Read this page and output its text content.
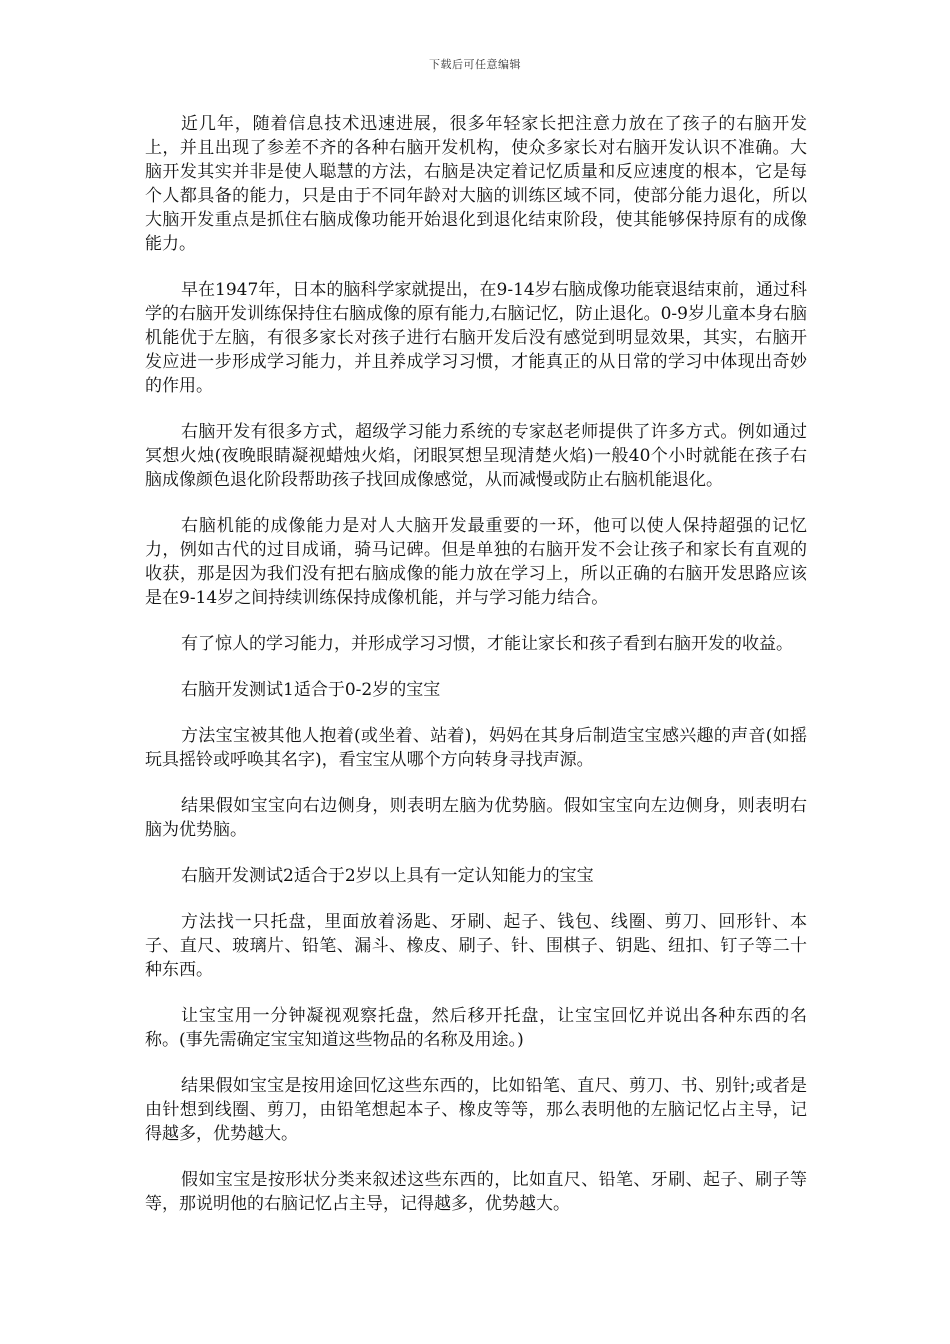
下载后可任意编辑

近几年，随着信息技术迅速进展，很多年轻家长把注意力放在了孩子的右脑开发上，并且出现了参差不齐的各种右脑开发机构，使众多家长对右脑开发认识不准确。大脑开发其实并非是使人聪慧的方法，右脑是决定着记忆质量和反应速度的根本，它是每个人都具备的能力，只是由于不同年龄对大脑的训练区域不同，使部分能力退化，所以大脑开发重点是抓住右脑成像功能开始退化到退化结束阶段，使其能够保持原有的成像能力。

早在1947年，日本的脑科学家就提出，在9-14岁右脑成像功能衰退结束前，通过科学的右脑开发训练保持住右脑成像的原有能力,右脑记忆，防止退化。0-9岁儿童本身右脑机能优于左脑，有很多家长对孩子进行右脑开发后没有感觉到明显效果，其实，右脑开发应进一步形成学习能力，并且养成学习习惯，才能真正的从日常的学习中体现出奇妙的作用。

右脑开发有很多方式，超级学习能力系统的专家赵老师提供了许多方式。例如通过冥想火烛(夜晚眼睛凝视蜡烛火焰，闭眼冥想呈现清楚火焰)一般40个小时就能在孩子右脑成像颜色退化阶段帮助孩子找回成像感觉，从而减慢或防止右脑机能退化。

右脑机能的成像能力是对人大脑开发最重要的一环，他可以使人保持超强的记忆力，例如古代的过目成诵，骑马记碑。但是单独的右脑开发不会让孩子和家长有直观的收获，那是因为我们没有把右脑成像的能力放在学习上，所以正确的右脑开发思路应该是在9-14岁之间持续训练保持成像机能，并与学习能力结合。

有了惊人的学习能力，并形成学习习惯，才能让家长和孩子看到右脑开发的收益。

右脑开发测试1适合于0-2岁的宝宝

方法宝宝被其他人抱着(或坐着、站着)，妈妈在其身后制造宝宝感兴趣的声音(如摇玩具摇铃或呼唤其名字)，看宝宝从哪个方向转身寻找声源。

结果假如宝宝向右边侧身，则表明左脑为优势脑。假如宝宝向左边侧身，则表明右脑为优势脑。

右脑开发测试2适合于2岁以上具有一定认知能力的宝宝

方法找一只托盘，里面放着汤匙、牙刷、起子、钱包、线圈、剪刀、回形针、本子、直尺、玻璃片、铅笔、漏斗、橡皮、刷子、针、围棋子、钥匙、纽扣、钉子等二十种东西。

让宝宝用一分钟凝视观察托盘，然后移开托盘，让宝宝回忆并说出各种东西的名称。(事先需确定宝宝知道这些物品的名称及用途。)

结果假如宝宝是按用途回忆这些东西的，比如铅笔、直尺、剪刀、书、别针;或者是由针想到线圈、剪刀，由铅笔想起本子、橡皮等等，那么表明他的左脑记忆占主导，记得越多，优势越大。

假如宝宝是按形状分类来叙述这些东西的，比如直尺、铅笔、牙刷、起子、刷子等等，那说明他的右脑记忆占主导，记得越多，优势越大。
